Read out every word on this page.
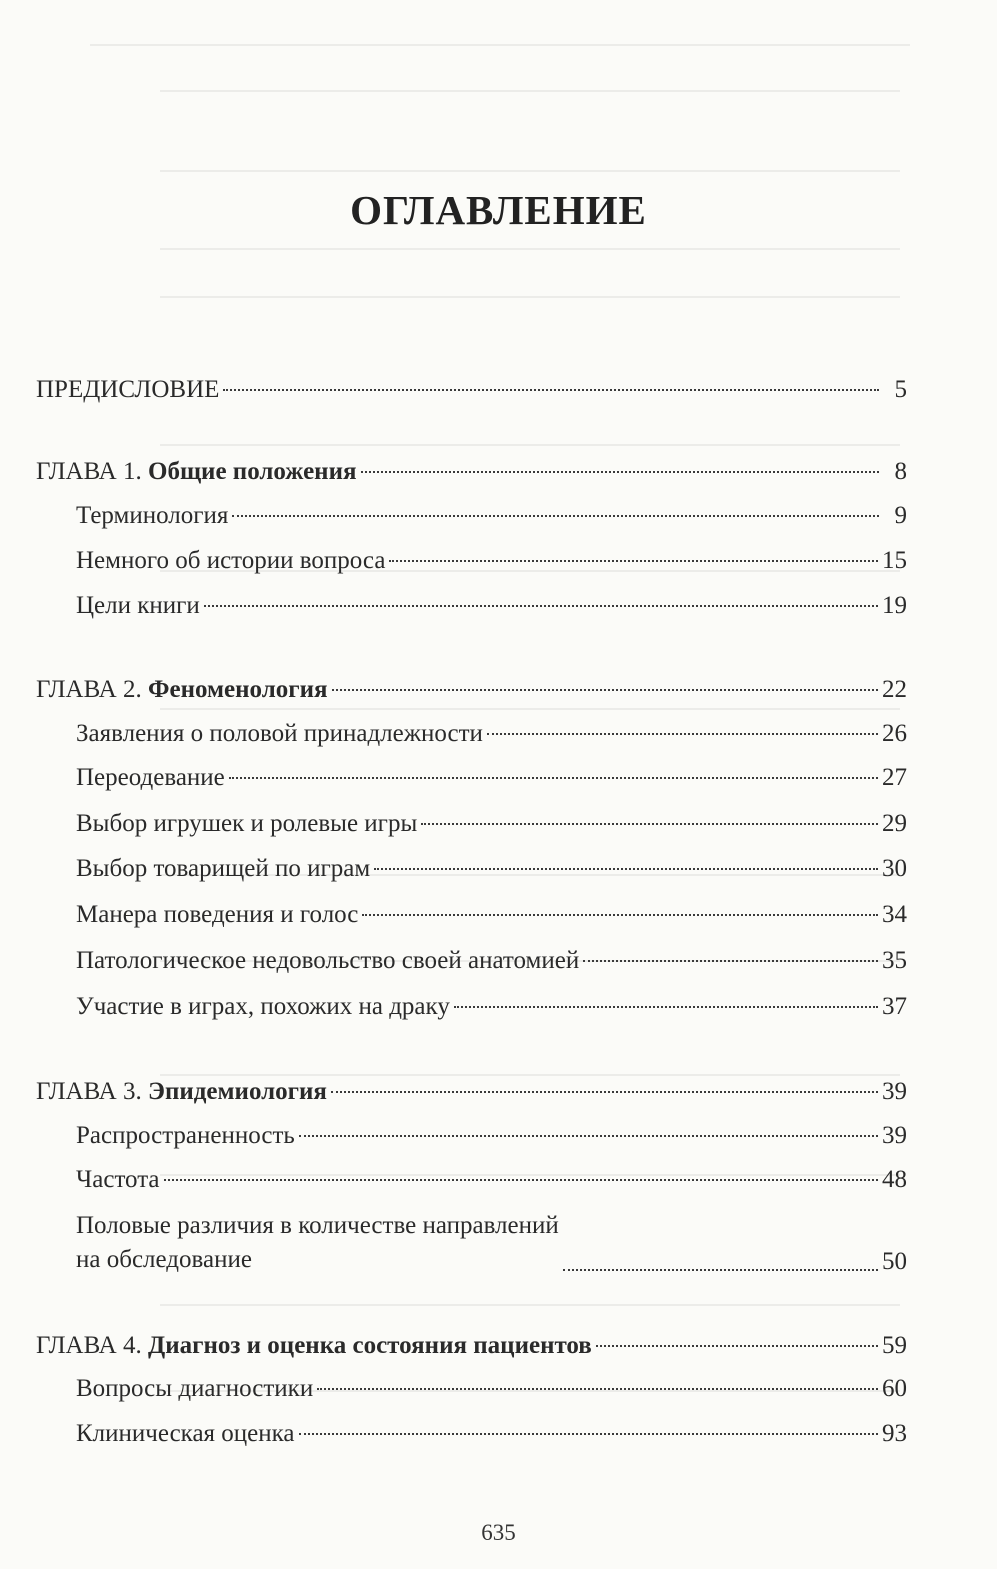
ОГЛАВЛЕНИЕ
ПРЕДИСЛОВИЕ	5
ГЛАВА 1. Общие положения	8
Терминология	9
Немного об истории вопроса	15
Цели книги	19
ГЛАВА 2. Феноменология	22
Заявления о половой принадлежности	26
Переодевание	27
Выбор игрушек и ролевые игры	29
Выбор товарищей по играм	30
Манера поведения и голос	34
Патологическое недовольство своей анатомией	35
Участие в играх, похожих на драку	37
ГЛАВА 3. Эпидемиология	39
Распространенность	39
Частота	48
Половые различия в количестве направлений
на обследование	50
ГЛАВА 4. Диагноз и оценка состояния пациентов	59
Вопросы диагностики	60
Клиническая оценка	93
635
